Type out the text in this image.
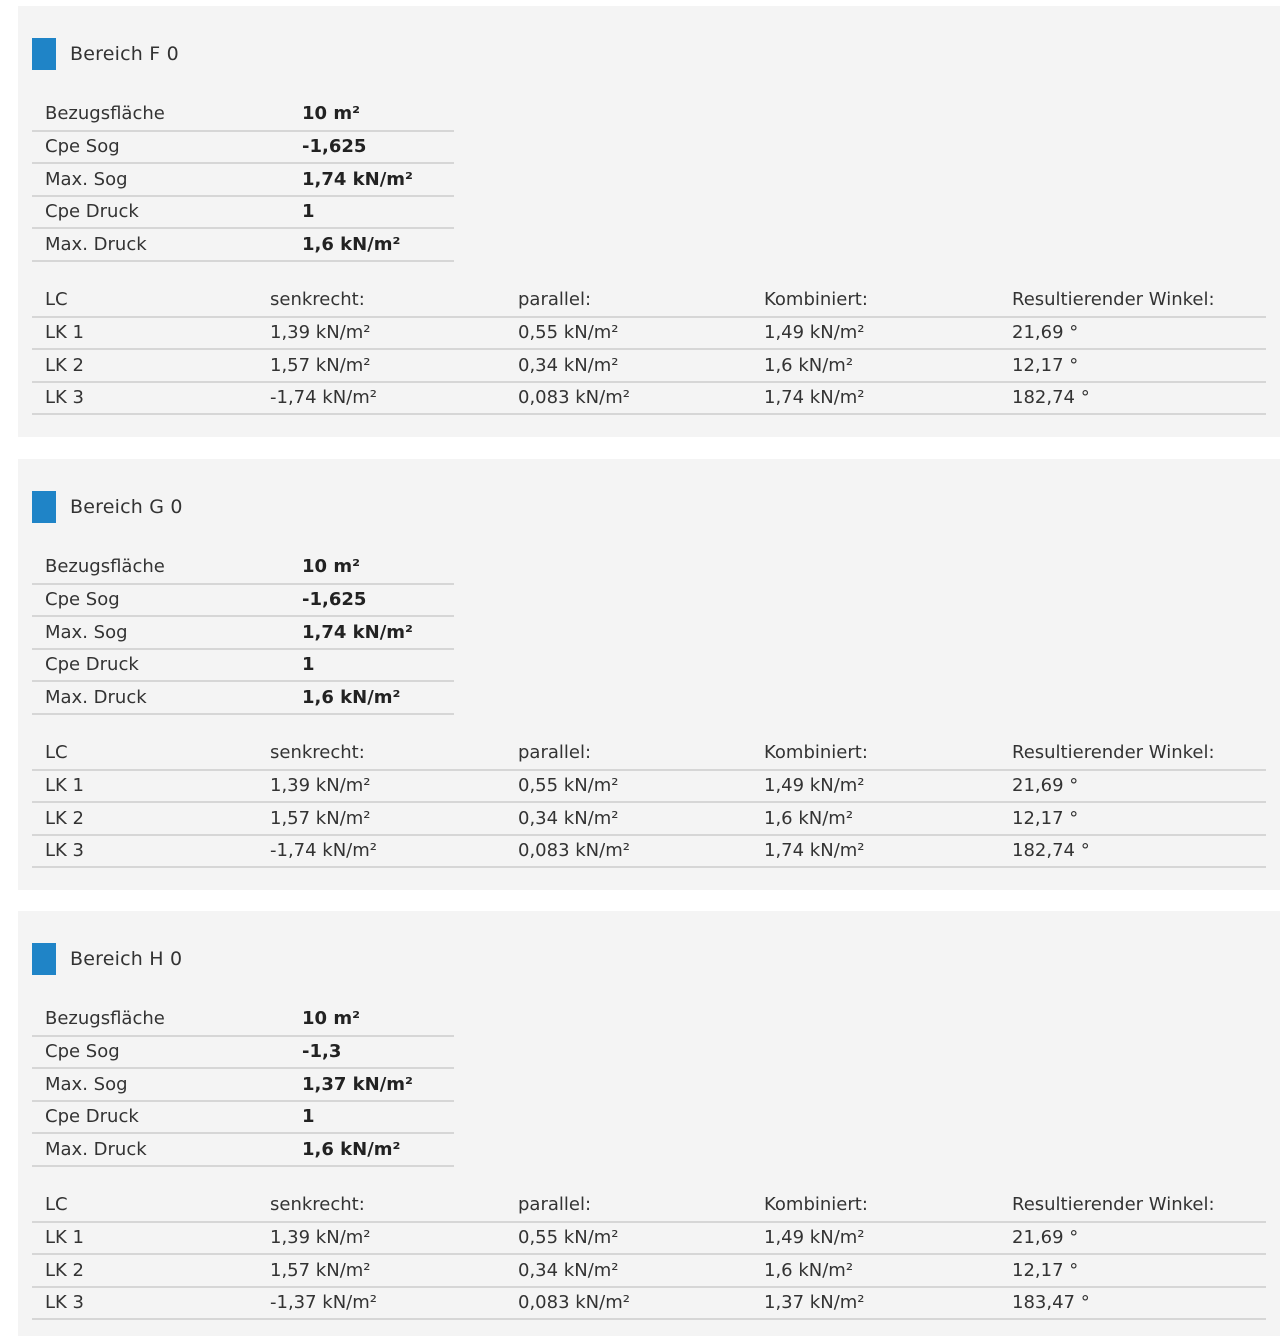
Bereich F 0
Bezugsfläche	10 m²
Cpe Sog	-1,625
Max. Sog	1,74 kN/m²
Cpe Druck	1
Max. Druck	1,6 kN/m²
LC	senkrecht:	parallel:	Kombiniert:	Resultierender Winkel:
LK 1	1,39 kN/m²	0,55 kN/m²	1,49 kN/m²	21,69 °
LK 2	1,57 kN/m²	0,34 kN/m²	1,6 kN/m²	12,17 °
LK 3	-1,74 kN/m²	0,083 kN/m²	1,74 kN/m²	182,74 °
Bereich G 0
Bezugsfläche	10 m²
Cpe Sog	-1,625
Max. Sog	1,74 kN/m²
Cpe Druck	1
Max. Druck	1,6 kN/m²
LC	senkrecht:	parallel:	Kombiniert:	Resultierender Winkel:
LK 1	1,39 kN/m²	0,55 kN/m²	1,49 kN/m²	21,69 °
LK 2	1,57 kN/m²	0,34 kN/m²	1,6 kN/m²	12,17 °
LK 3	-1,74 kN/m²	0,083 kN/m²	1,74 kN/m²	182,74 °
Bereich H 0
Bezugsfläche	10 m²
Cpe Sog	-1,3
Max. Sog	1,37 kN/m²
Cpe Druck	1
Max. Druck	1,6 kN/m²
LC	senkrecht:	parallel:	Kombiniert:	Resultierender Winkel:
LK 1	1,39 kN/m²	0,55 kN/m²	1,49 kN/m²	21,69 °
LK 2	1,57 kN/m²	0,34 kN/m²	1,6 kN/m²	12,17 °
LK 3	-1,37 kN/m²	0,083 kN/m²	1,37 kN/m²	183,47 °
